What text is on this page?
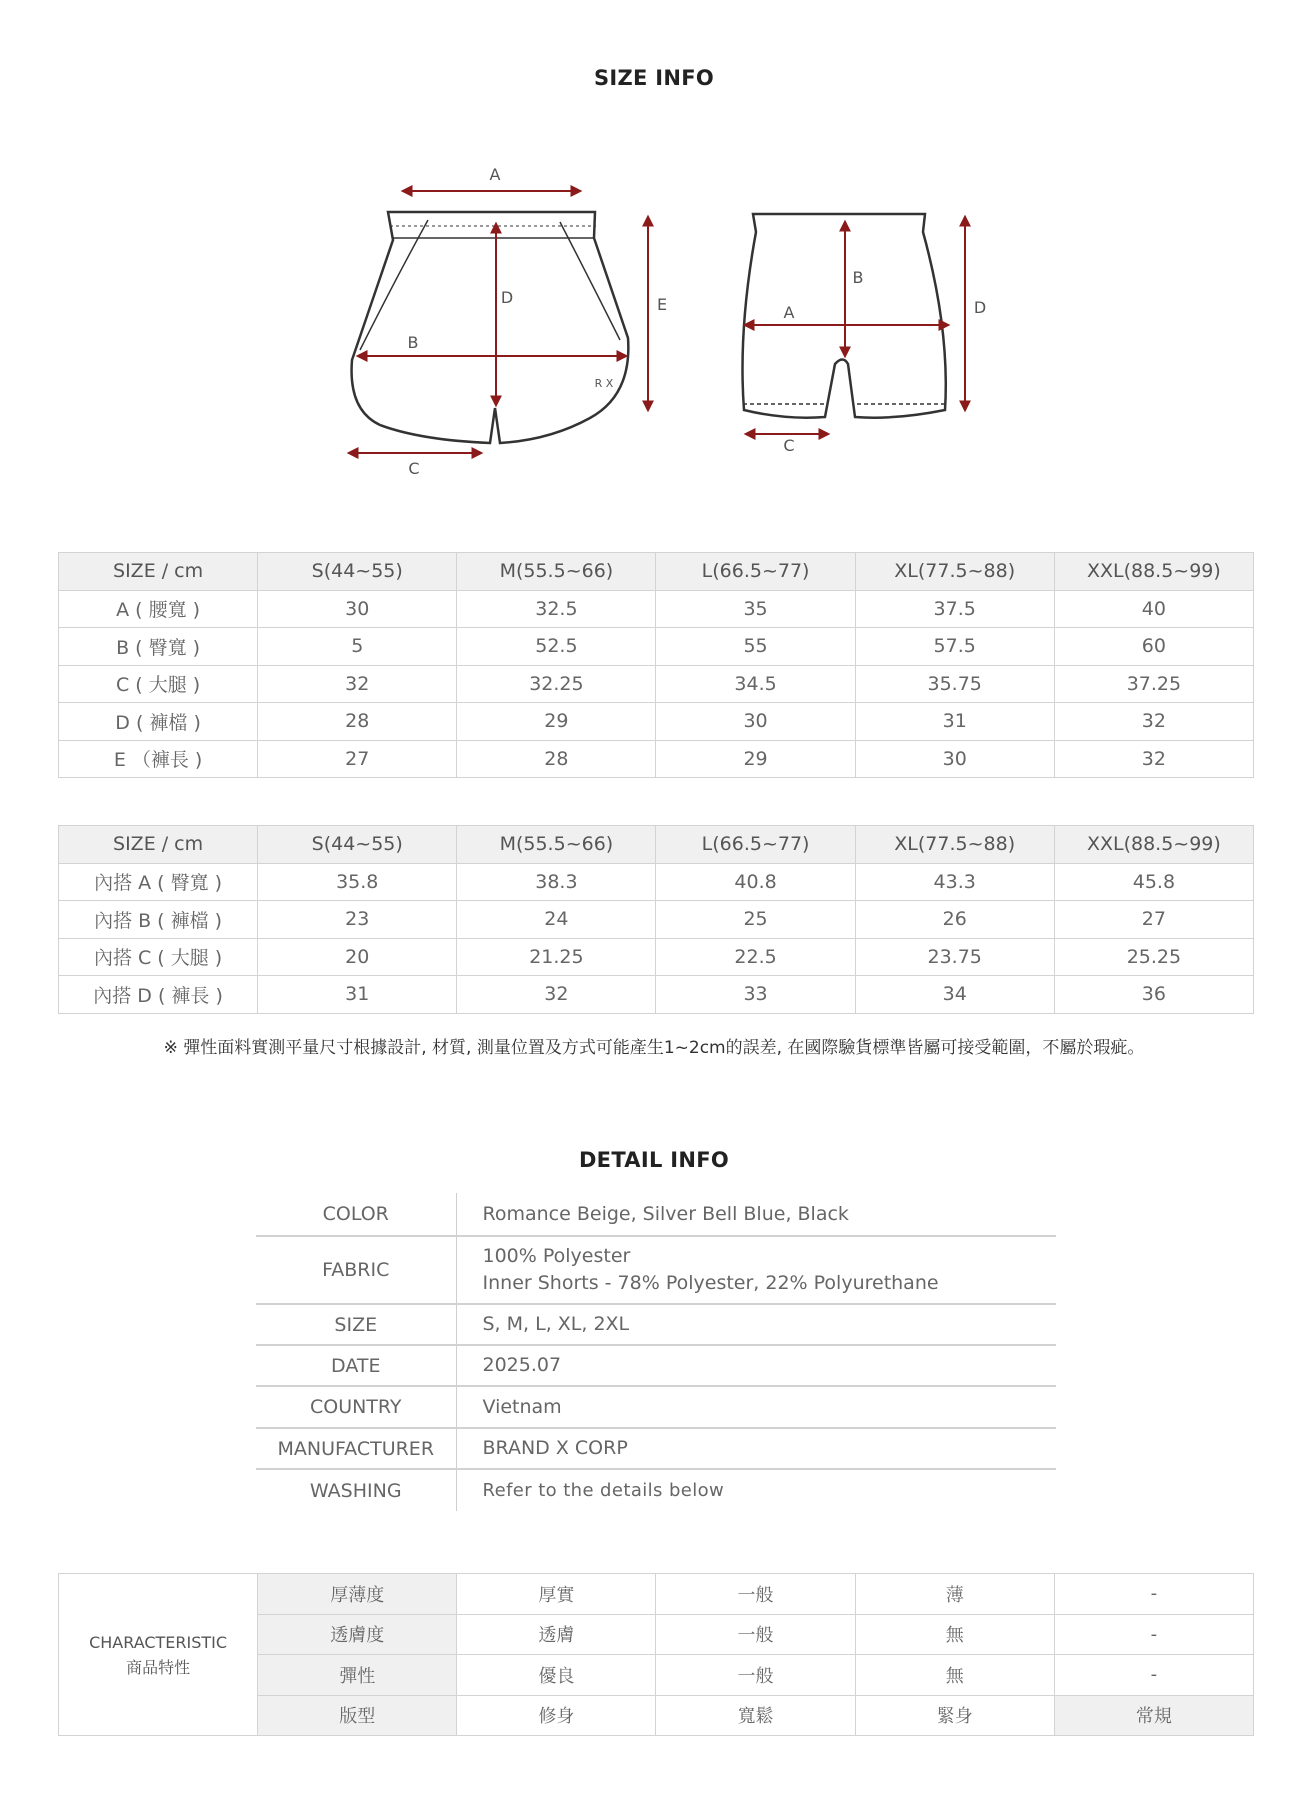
SIZE INFO
R X
A
B
C
D	E	A
B
C
D
SIZE / cm	S(44~55)	M(55.5~66)	L(66.5~77)	XL(77.5~88)	XXL(88.5~99)
A ( 腰寬 )	30	32.5	35	37.5	40
B ( 臀寬 )	5	52.5	55	57.5	60
C ( 大腿 )	32	32.25	34.5	35.75	37.25
D ( 褲檔 )	28	29	30	31	32
E （褲長 )	27	28	29	30	32
SIZE / cm	S(44~55)	M(55.5~66)	L(66.5~77)	XL(77.5~88)	XXL(88.5~99)
內搭 A ( 臀寬 )	35.8	38.3	40.8	43.3	45.8
內搭 B ( 褲檔 )	23	24	25	26	27
內搭 C ( 大腿 )	20	21.25	22.5	23.75	25.25
內搭 D ( 褲長 )	31	32	33	34	36
※ 彈性面料實測平量尺寸根據設計, 材質, 測量位置及方式可能產生1~2cm的誤差, 在國際驗貨標準皆屬可接受範圍，不屬於瑕疵。
DETAIL INFO
COLOR	Romance Beige, Silver Bell Blue, Black

FABRIC	100% Polyester
Inner Shorts - 78% Polyester, 22% Polyurethane

SIZE	S, M, L, XL, 2XL

DATE	2025.07

COUNTRY	Vietnam

MANUFACTURER	BRAND X CORP

WASHING	Refer to the details below
CHARACTERISTIC
商品特性	厚薄度	厚實	一般	薄	-
	透膚度	透膚	一般	無	-
	彈性	優良	一般	無	-
	版型	修身	寬鬆	緊身	常規
